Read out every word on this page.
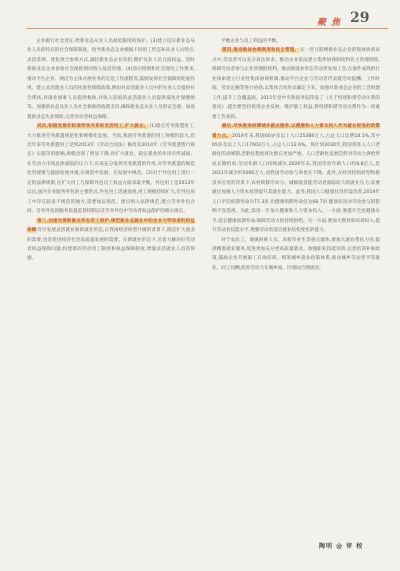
聚 焦 29

企业履行社会责任,给新业态从业人员最低限度的保护。(3)建立适应新业态从业人员的特点的社会保障制度。指导新业态企业根据不同用工形态和从业人员特点,灵活选择、优化组合参保方式,减轻新业态企业负担,维护从业人员合法权益。适时将新业态企业参加社会保险情况纳入征信管理。(4)适应疫情和社会现况工作要求,推动平台企业、网店为主体开展业务的应急工作流程等,鼓励发挥社会保障的兜底作用。建立灵活就业人员的托底性保障政策,例如对灵活就业人员中的失业人员提供社会帮扶,对就业困难人员提供救助,对收入较低的灵活就业人员提供减免社保缴纳等。加强新业态从业人员社会救助的政策支持,确保新业态从业人员的安全感。如设置新业态失业保险,完善劳动者权益保障。

其次,积极发展非标准劳动关系的灵活用工,扩大就业。(1)稳定劳务派遣用工,大力推进劳务派遣规范化和规模化发展。当前,我国劳务派遣的用工规模仍较大,但近年来劳务派遣用工受到2013年《劳动合同法》修改及2014年《劳务派遣暂行规定》实施等的影响,规模出现了明显下降,对扩大就业、稳定就业的作用有所减弱。在劳动力市场总体面临的压力下,应该充分发挥劳务派遣的作用,对劳务派遣的规范化管理要与鼓励发展并重,在规范中发展、在发展中规范。(2)对于外包用工进行一定的法律规制,在扩大用工与保障外包员工权益方面求取平衡。外包用工是2013年以后,国内专业服务外包的主要形式,外包用工迅速发展,用工规模持续扩大,但外包用工中存在较多不规范的地方,需要加以规范。建议纳入法律规范,建立劳务外包合同、劳务外包的服务质量监督机制以及劳务外包中劳动者权益保护的相关规定。

第三,加速完善新就业形态用工保护,规范新业态就业中的企业与劳动者的权益保障有序发展灵活就业和新就业形态,在我国经济转型升级的背景下,既是扩大就业的需要,也是促进经济社会高质量发展的需要。在新就业形态下,应着力解决好劳动者权益保障问题,构建新的劳动用工制度和权益保障制度,增强灵活就业人员获得感。

平衡企业与员工利益的平衡。

第四,推进集体协商制度和民主管理。在一些互联网新业态企业的集体协商试点中,劳动者可以充分表达诉求。推动企业依法建立集体协商制度和民主管理制度,保障劳动者参与企业管理的权利。推动新就业形态劳动者参加工会,在条件成熟的行业探索建立行业性集体协商机制,推动平台企业与劳动者代表就劳动报酬、工作时间、劳动定额等进行协商,以集体合同形式确定下来。加强对新业态企业的工会组建工作,提升工会覆盖面。2015年党中央和国务院印发了《关于构建和谐劳动关系的意见》,提出要坚持促进企业发展、维护职工权益,将构建和谐劳动关系作为一项重要工作来抓。

最后,尽快推进统筹城乡就业服务,以健康和人力资本投入作为就业促进的政策着力点。2019年末,我国60岁及以上人口25388万人,占总人口比例18.1%,其中65岁及以上人口17603万人,占总人口12.6%。预计到2030年,我国将进入人口老龄化的高峰期,老龄化程度将比现在更加严重。人口老龄化发展趋势对劳动力供给形成长期约束,劳动年龄人口持续减少,2020年末,我国劳动年龄人口约8.8亿人,比2011年减少约5000万人,而我国劳动参与率也在下降。此外,在经济结构转型和新技术应用的背景下,农村转移劳动力、城镇低技能劳动者面临较大的就业压力,需要通过加强人力资本投资提升其就业能力。此外,我国人口健康状况仍需改善,2019年人口平均预期寿命为77.3岁,但健康预期寿命仅为68.7岁,健康状况对劳动参与的影响不容忽视。为此,需进一步加大健康和人力资本投入。一方面,要提升全民健康水平,延长健康预期寿命,保障劳动力的持续供给。另一方面,要加大教育和培训投入,提升劳动者技能水平,增强劳动者适应就业结构变化的能力。

对于农民工、城镇困难人员、高校毕业生等重点群体,要加大就业帮扶力度,提供精准就业服务,促进更加充分更高质量就业。加强职业技能培训,完善培训补贴政策,鼓励企业开展职工在岗培训。统筹城乡就业政策体系,推动城乡劳动者平等就业、同工同酬,促进劳动力在城乡间、区域间合理流动。

陶明 @ 审 校
